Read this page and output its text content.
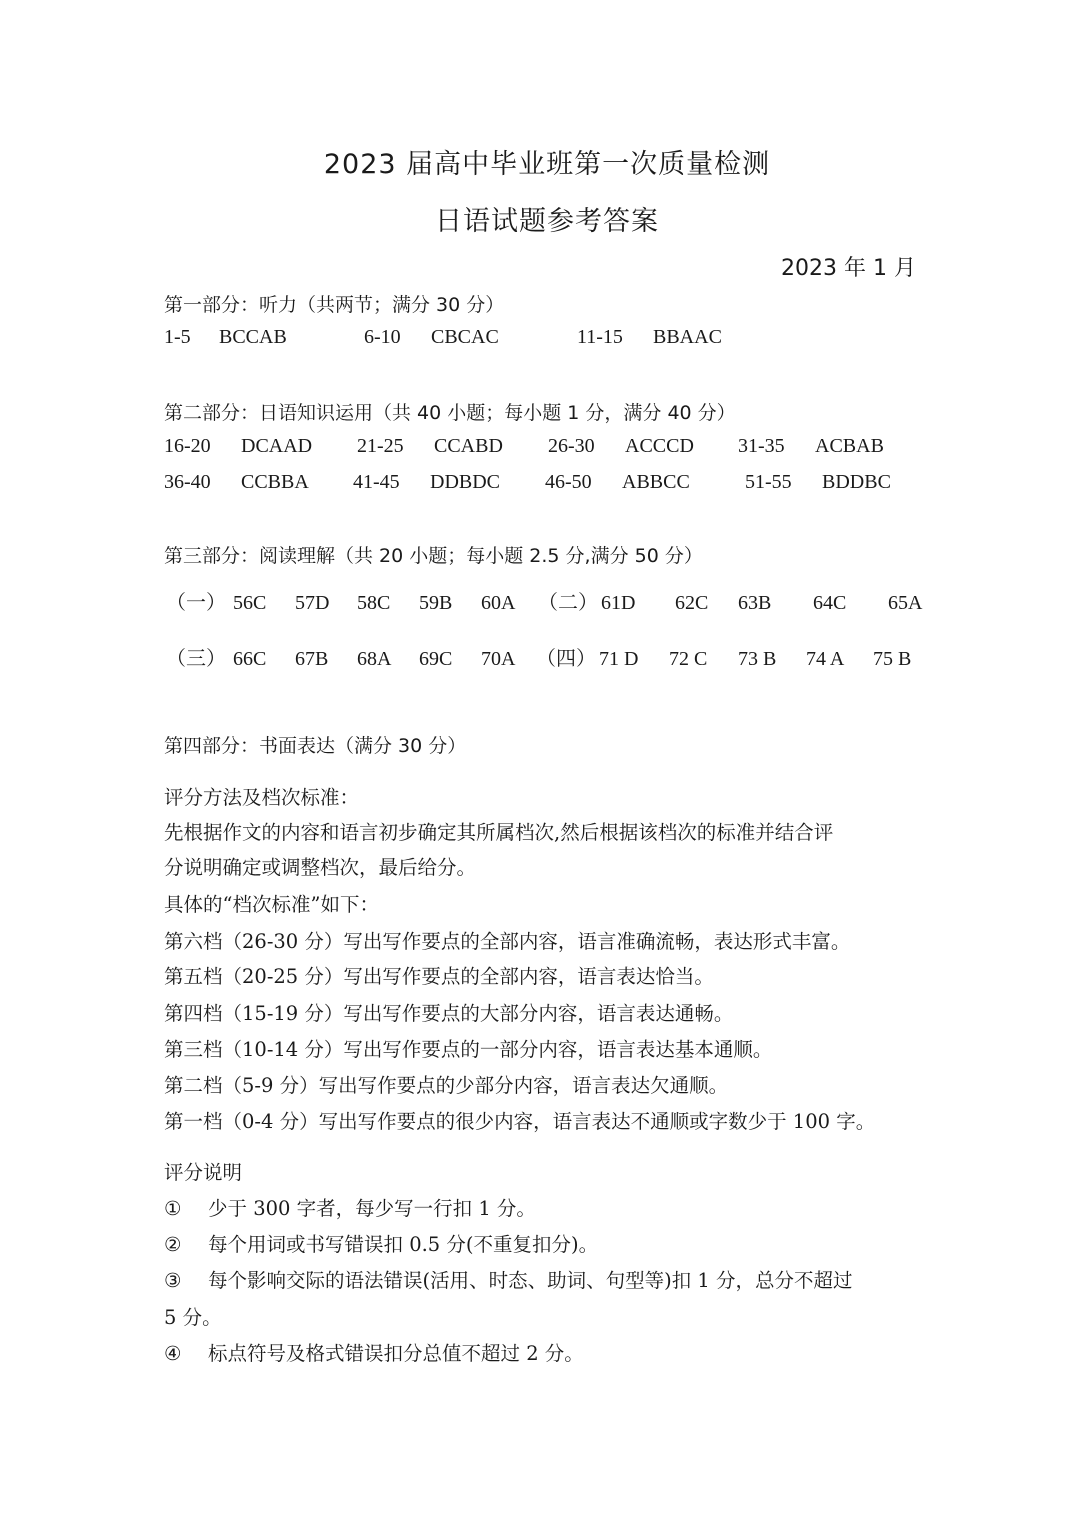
2023 届高中毕业班第一次质量检测
日语试题参考答案
2023 年 1 月
第一部分：听力（共两节；满分 30 分）
1-5 BCCAB	6-10 CBCAC	11-15 BBAAC
第二部分：日语知识运用（共 40 小题；每小题 1 分，满分 40 分）
16-20 DCAAD 21-25 CCABD 26-30 ACCCD 31-35 ACBAB
36-40 CCBBA 41-45 DDBDC 46-50 ABBCC	51-55 BDDBC
第三部分：阅读理解（共 20 小题；每小题 2.5 分,满分 50 分）
（一） 56C 57D 58C 59B 60A （二） 61D 62C 63B 64C 65A
（三） 66C 67B 68A 69C 70A （四） 71 D 72 C 73 B 74 A 75 B
第四部分：书面表达（满分 30 分）
评分方法及档次标准：
先根据作文的内容和语言初步确定其所属档次,然后根据该档次的标准并结合评
分说明确定或调整档次，最后给分。
具体的“档次标准”如下：
第六档（26-30 分）写出写作要点的全部内容，语言准确流畅，表达形式丰富。
第五档（20-25 分）写出写作要点的全部内容，语言表达恰当。
第四档（15-19 分）写出写作要点的大部分内容，语言表达通畅。
第三档（10-14 分）写出写作要点的一部分内容，语言表达基本通顺。
第二档（5-9 分）写出写作要点的少部分内容，语言表达欠通顺。
第一档（0-4 分）写出写作要点的很少内容，语言表达不通顺或字数少于 100 字。
评分说明
① 少于 300 字者，每少写一行扣 1 分。
② 每个用词或书写错误扣 0.5 分(不重复扣分)。
③ 每个影响交际的语法错误(活用、时态、助词、句型等)扣 1 分，总分不超过
5 分。
④ 标点符号及格式错误扣分总值不超过 2 分。
